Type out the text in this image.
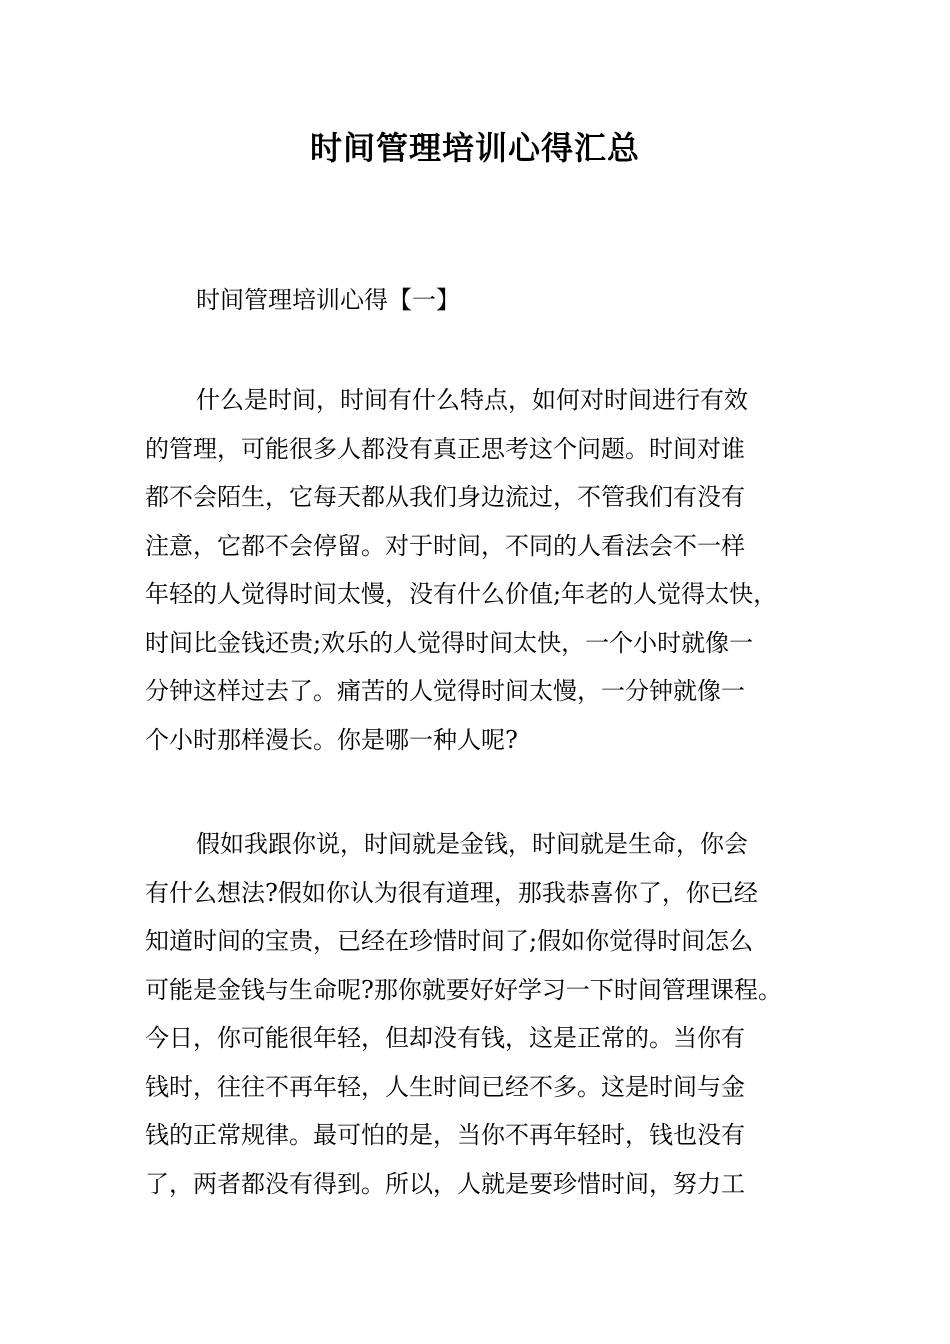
时间管理培训心得汇总
时间管理培训心得【一】
什么是时间，时间有什么特点，如何对时间进行有效
的管理，可能很多人都没有真正思考这个问题。时间对谁
都不会陌生，它每天都从我们身边流过，不管我们有没有
注意，它都不会停留。对于时间，不同的人看法会不一样
年轻的人觉得时间太慢，没有什么价值;年老的人觉得太快，
时间比金钱还贵;欢乐的人觉得时间太快，一个小时就像一
分钟这样过去了。痛苦的人觉得时间太慢，一分钟就像一
个小时那样漫长。你是哪一种人呢?
假如我跟你说，时间就是金钱，时间就是生命，你会
有什么想法?假如你认为很有道理，那我恭喜你了，你已经
知道时间的宝贵，已经在珍惜时间了;假如你觉得时间怎么
可能是金钱与生命呢?那你就要好好学习一下时间管理课程。
今日，你可能很年轻，但却没有钱，这是正常的。当你有
钱时，往往不再年轻，人生时间已经不多。这是时间与金
钱的正常规律。最可怕的是，当你不再年轻时，钱也没有
了，两者都没有得到。所以，人就是要珍惜时间，努力工
